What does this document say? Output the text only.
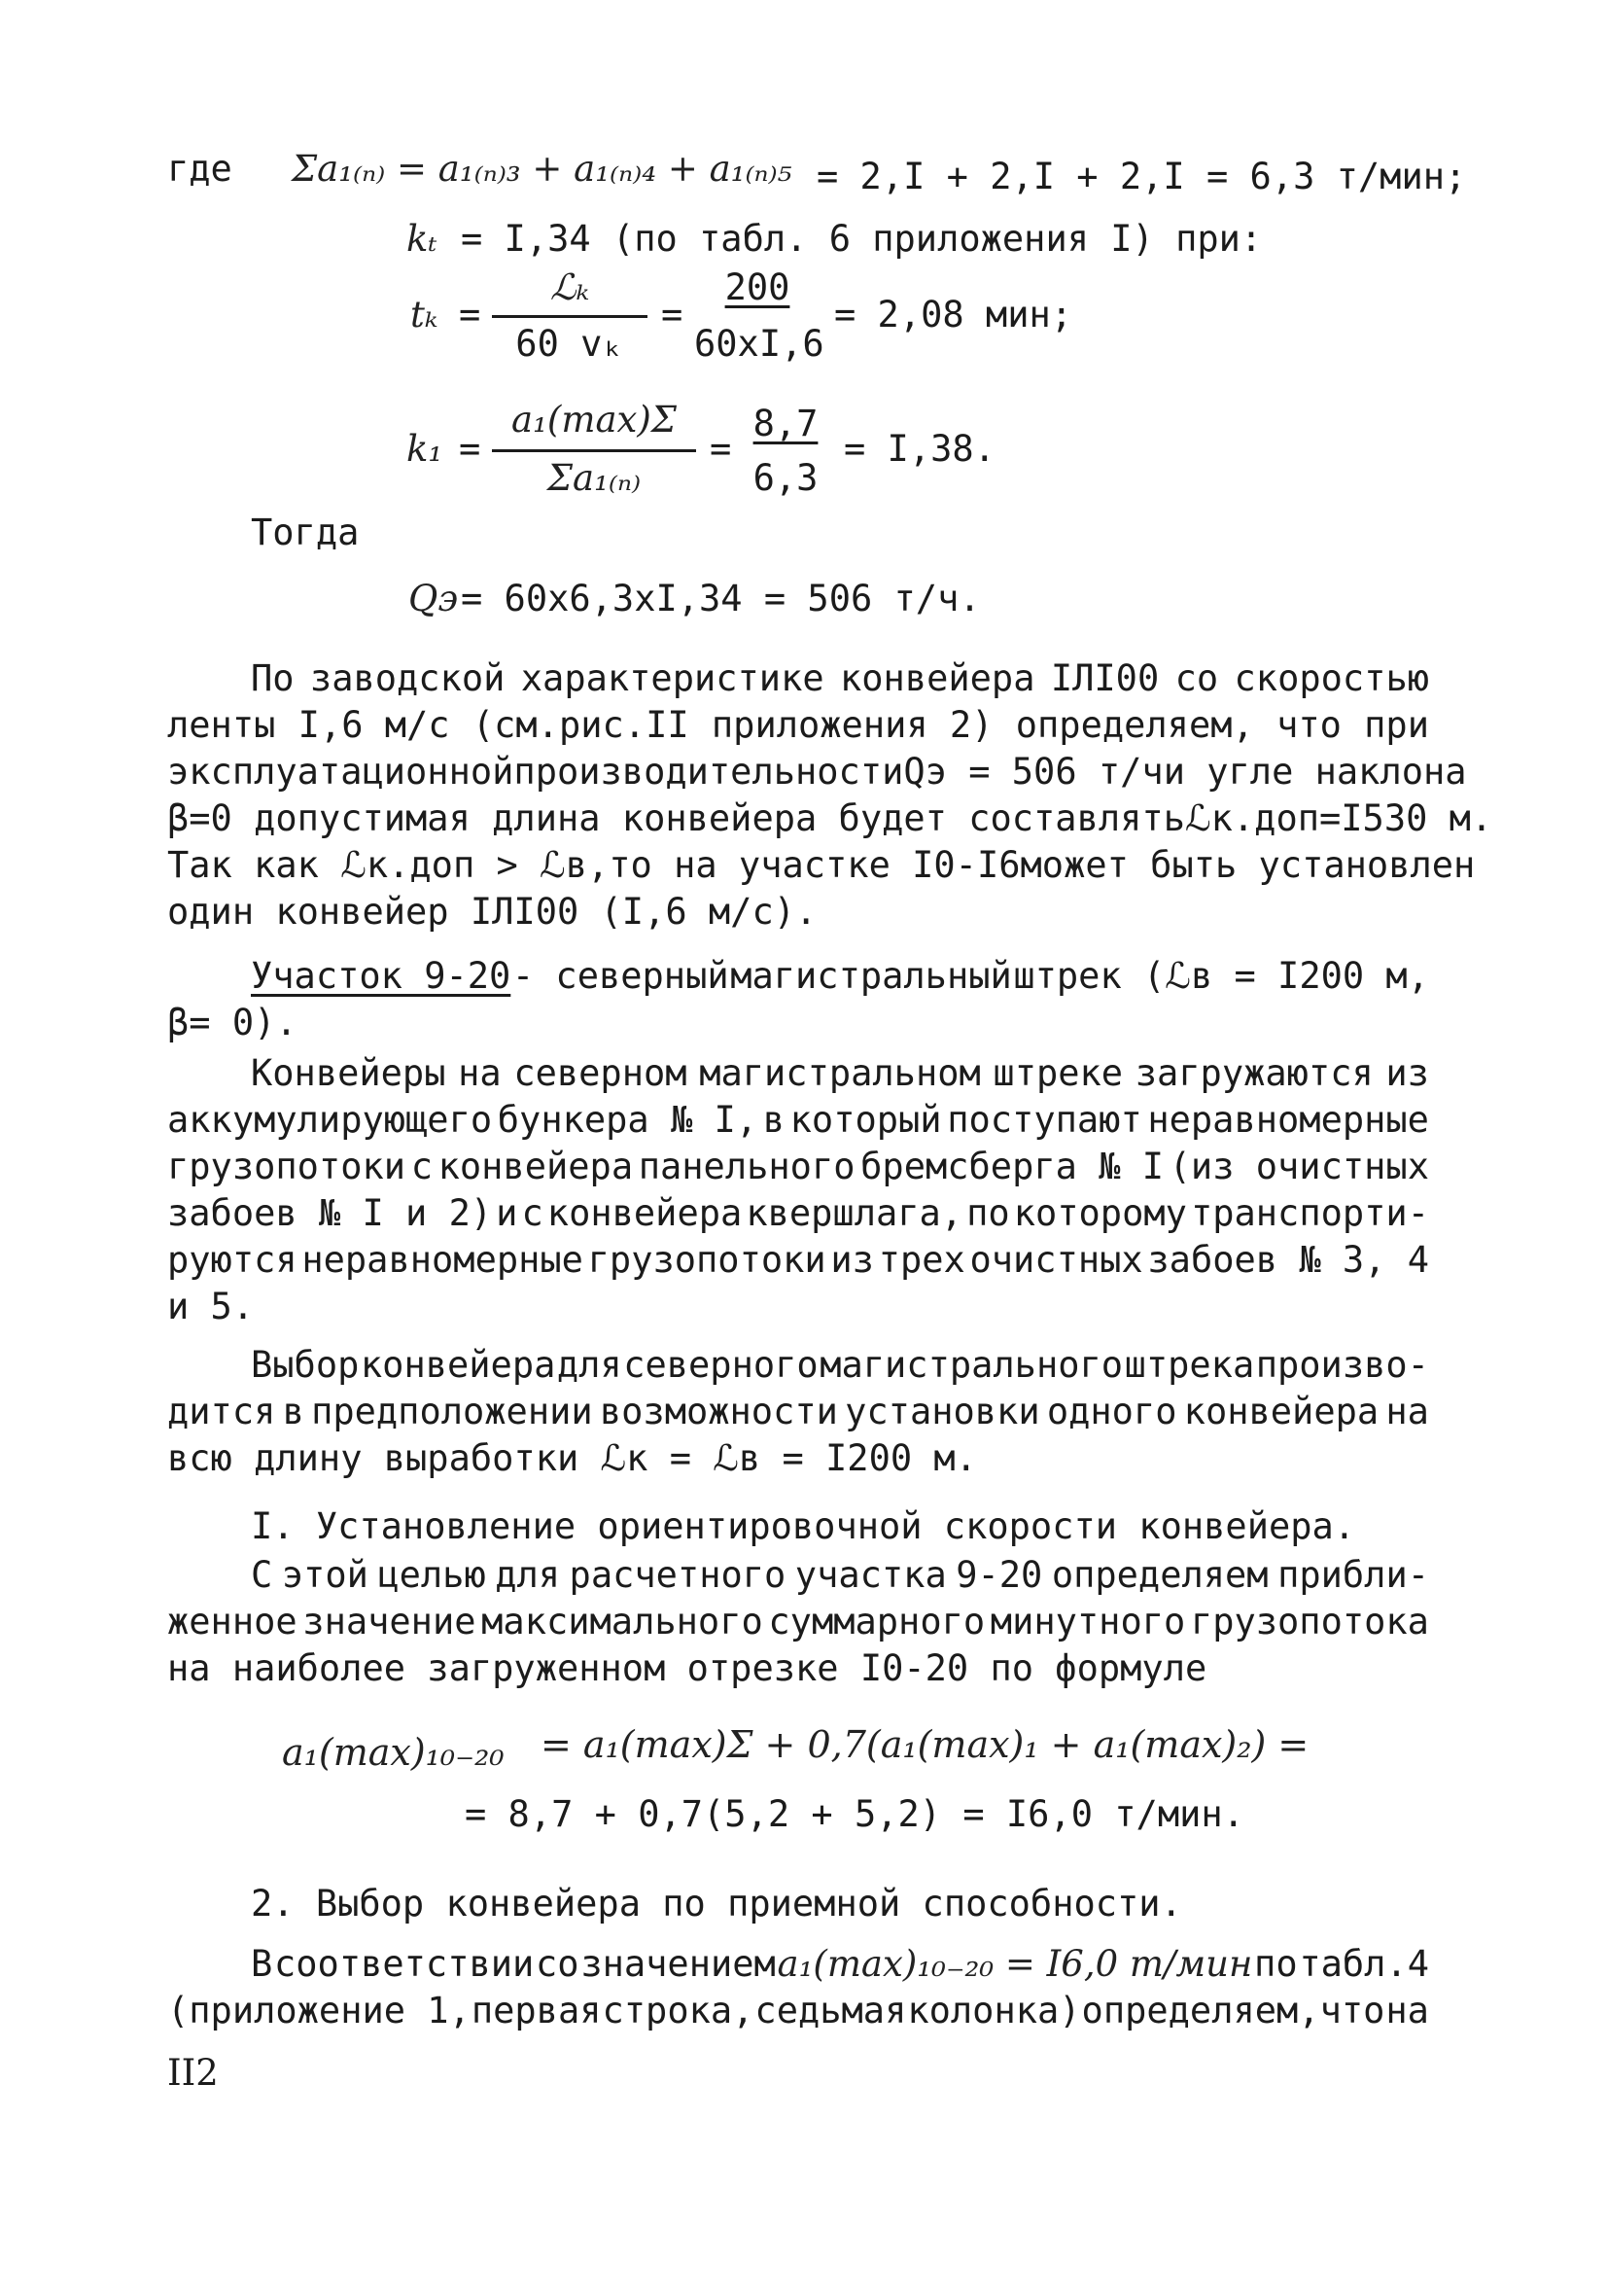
где Σa₁₍ₙ₎ = a₁₍ₙ₎₃ + a₁₍ₙ₎₄ + a₁₍ₙ₎₅ = 2,I + 2,I + 2,I = 6,3 т/мин;
kₜ = I,34 (по табл. 6 приложения I) при:
tₖ =
ℒₖ
60 vₖ
=
200
60хI,6
= 2,08 мин;
k₁ =
a₁(max)Σ
Σa₁₍ₙ₎
= $\frac{8,7}{6,3} = I,38$.
Тогда
Qэ = 60х6,3хI,34 = 506 т/ч.
По заводской характеристике конвейера IЛI00 со скоростью
ленты I,6 м/с (см.рис.II приложения 2) определяем, что при
эксплуатационной производительности Qэ = 506 т/ч и угле наклона
β=0 допустимая длина конвейера будет составлять ℒк.доп=I530 м.
Так как ℒк.доп > ℒв, то на участке I0-I6 может быть установлен
один конвейер IЛI00 (I,6 м/с).
Участок 9-20 - северный магистральный штрек (ℒв = I200 м,
β= 0).
Конвейеры на северном магистральном штреке загружаются из
аккумулирующего бункера № I, в который поступают неравномерные
грузопотоки с конвейера панельного бремсберга № I (из очистных
забоев № I и 2) и с конвейера квершлага, по которому транспорти-
руются неравномерные грузопотоки из трех очистных забоев № 3, 4
и 5.
Выбор конвейера для северного магистрального штрека произво-
дится в предположении возможности установки одного конвейера на
всю длину выработки ℒк = ℒв = I200 м.
I. Установление ориентировочной скорости конвейера.
С этой целью для расчетного участка 9-20 определяем прибли-
женное значение максимального суммарного минутного грузопотока
на наиболее загруженном отрезке I0-20 по формуле
a₁(max)₁₀₋₂₀ = a₁(max)Σ + 0,7(a₁(max)₁ + a₁(max)₂) =
= 8,7 + 0,7(5,2 + 5,2) = I6,0 т/мин.
2. Выбор конвейера по приемной способности.
В соответствии со значением a₁(max)₁₀₋₂₀ = I6,0 т/мин по табл.4
(приложение 1, первая строка, седьмая колонка) определяем,что на
II2
